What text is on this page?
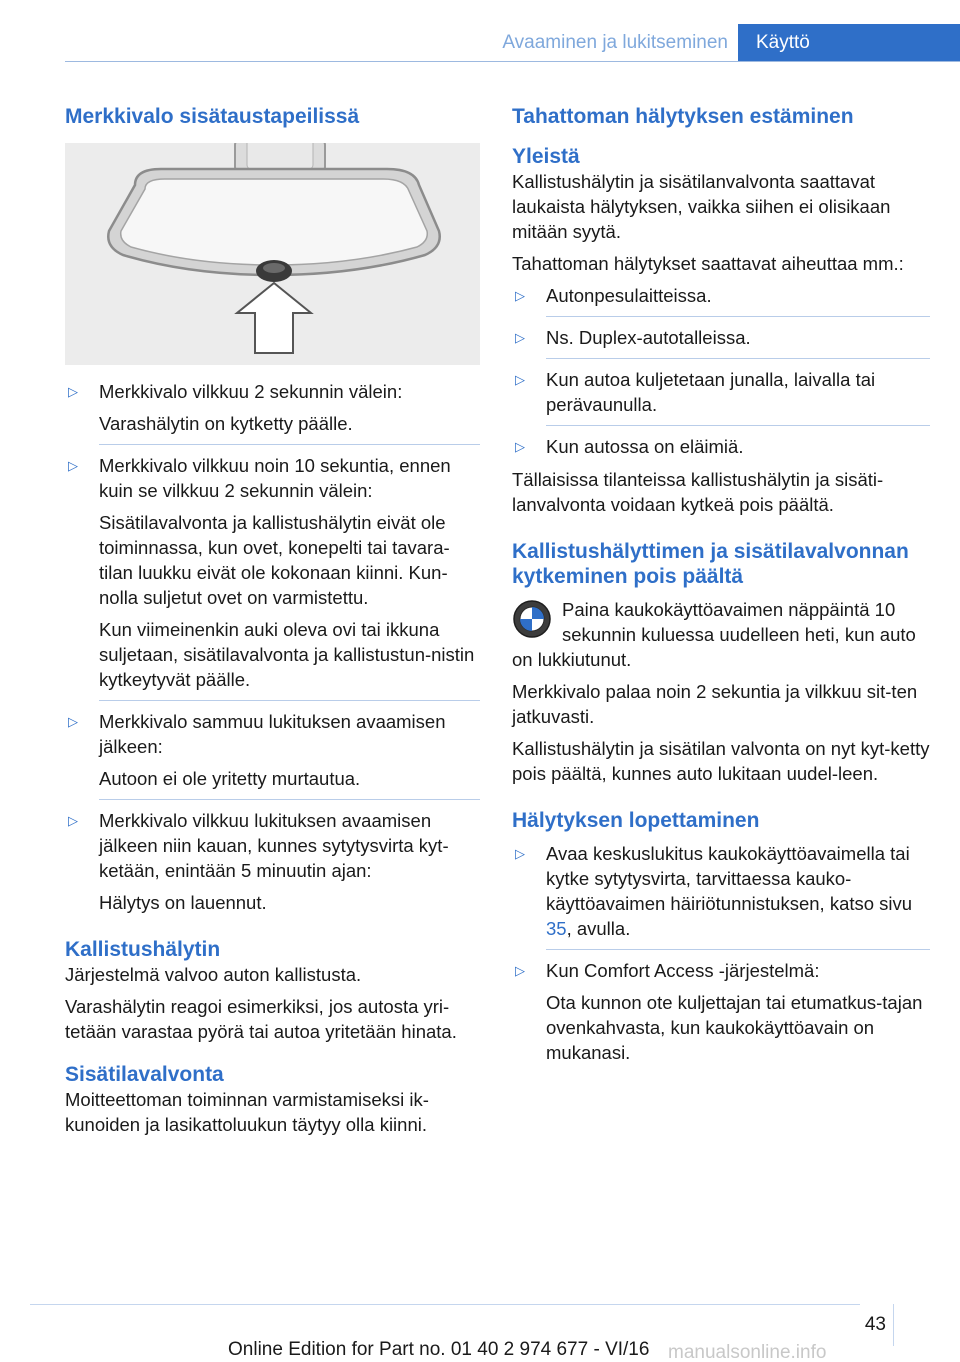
Avaaminen ja lukitseminen	Käyttö
Merkkivalo sisätaustapeilissä
▷ Merkkivalo vilkkuu 2 sekunnin välein:

Varashälytin on kytketty päälle.

▷ Merkkivalo vilkkuu noin 10 sekuntia, ennen kuin se vilkkuu 2 sekunnin välein:

Sisätilavalvonta ja kallistushälytin eivät ole toiminnassa, kun ovet, konepelti tai tavara-tilan luukku eivät ole kokonaan kiinni. Kun-nolla suljetut ovet on varmistettu.

Kun viimeinenkin auki oleva ovi tai ikkuna suljetaan, sisätilavalvonta ja kallistustun-nistin kytkeytyvät päälle.

▷ Merkkivalo sammuu lukituksen avaamisen jälkeen:

Autoon ei ole yritetty murtautua.

▷ Merkkivalo vilkkuu lukituksen avaamisen jälkeen niin kauan, kunnes sytytysvirta kyt-ketään, enintään 5 minuutin ajan:

Hälytys on lauennut.

Kallistushälytin

Järjestelmä valvoo auton kallistusta.

Varashälytin reagoi esimerkiksi, jos autosta yri-tetään varastaa pyörä tai autoa yritetään hinata.

Sisätilavalvonta

Moitteettoman toiminnan varmistamiseksi ik-kunoiden ja lasikattoluukun täytyy olla kiinni.

Tahattoman hälytyksen estäminen
Yleistä

Kallistushälytin ja sisätilanvalvonta saattavat laukaista hälytyksen, vaikka siihen ei olisikaan mitään syytä.

Tahattoman hälytykset saattavat aiheuttaa mm.:

▷ Autonpesulaitteissa.

▷ Ns. Duplex-autotalleissa.

▷ Kun autoa kuljetetaan junalla, laivalla tai perävaunulla.

▷ Kun autossa on eläimiä.

Tällaisissa tilanteissa kallistushälytin ja sisäti-lanvalvonta voidaan kytkeä pois päältä.

Kallistushälyttimen ja sisätilavalvonnan kytkeminen pois päältä

Paina kaukokäyttöavaimen näppäintä 10 sekunnin kuluessa uudelleen heti, kun auto on lukkiutunut.

Merkkivalo palaa noin 2 sekuntia ja vilkkuu sit-ten jatkuvasti.

Kallistushälytin ja sisätilan valvonta on nyt kyt-ketty pois päältä, kunnes auto lukitaan uudel-leen.

Hälytyksen lopettaminen
▷ Avaa keskuslukitus kaukokäyttöavaimella tai kytke sytytysvirta, tarvittaessa kauko-käyttöavaimen häiriötunnistuksen, katso sivu 35, avulla.

▷ Kun Comfort Access -järjestelmä:

Ota kunnon ote kuljettajan tai etumatkus-tajan ovenkahvasta, kun kaukokäyttöavain on mukanasi.

43
Online Edition for Part no. 01 40 2 974 677 - VI/16 manualsonline.info
